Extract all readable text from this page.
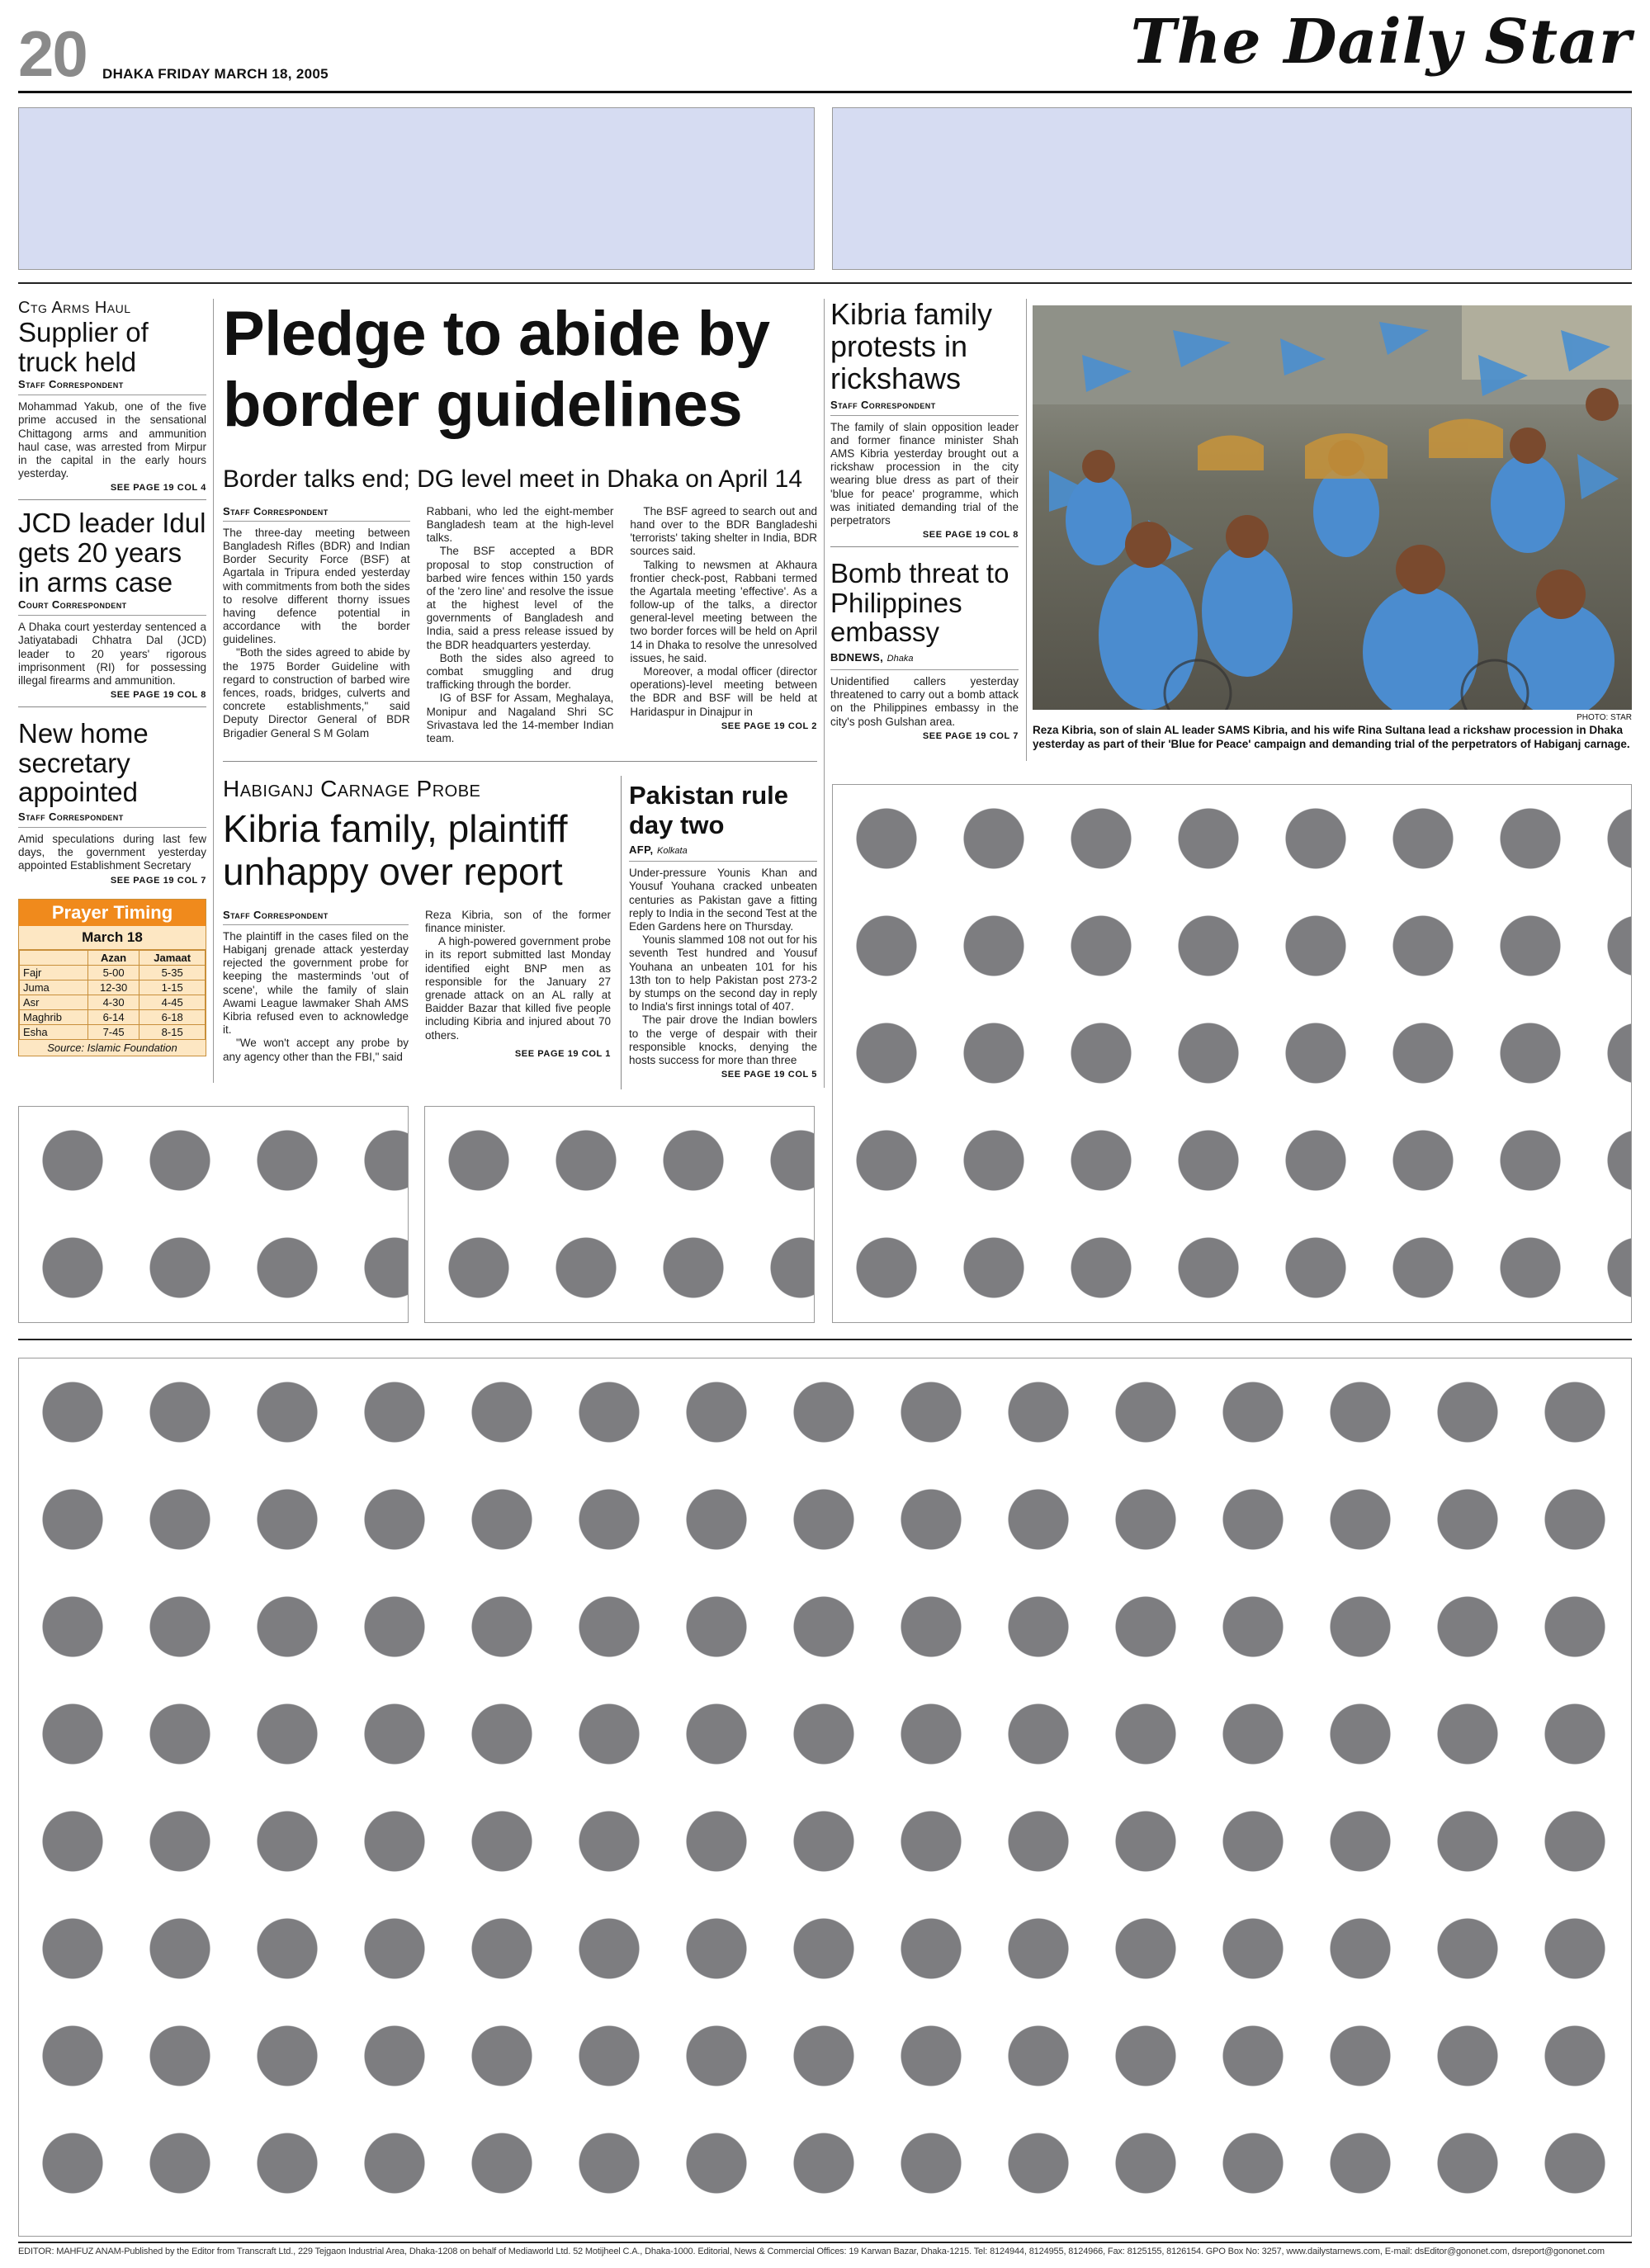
20 DHAKA FRIDAY MARCH 18, 2005	The Daily Star
Ctg Arms Haul
Supplier of truck held
Staff Correspondent
Mohammad Yakub, one of the five prime accused in the sensational Chittagong arms and ammunition haul case, was arrested from Mirpur in the capital in the early hours yesterday.
SEE PAGE 19 COL 4
JCD leader Idul gets 20 years in arms case
Court Correspondent
A Dhaka court yesterday sentenced a Jatiyatabadi Chhatra Dal (JCD) leader to 20 years' rigorous imprisonment (RI) for possessing illegal firearms and ammunition.
SEE PAGE 19 COL 8
New home secretary appointed
Staff Correspondent
Amid speculations during last few days, the government yesterday appointed Establishment Secretary
SEE PAGE 19 COL 7
Prayer Timing
March 18
	Azan	Jamaat
Fajr	5-00	5-35
Juma	12-30	1-15
Asr	4-30	4-45
Maghrib	6-14	6-18
Esha	7-45	8-15
Source: Islamic Foundation
Pledge to abide by border guidelines
Border talks end; DG level meet in Dhaka on April 14
Staff Correspondent
The three-day meeting between Bangladesh Rifles (BDR) and Indian Border Security Force (BSF) at Agartala in Tripura ended yesterday with commitments from both the sides to resolve different thorny issues having defence potential in accordance with the border guidelines.
"Both the sides agreed to abide by the 1975 Border Guideline with regard to construction of barbed wire fences, roads, bridges, culverts and concrete establishments," said Deputy Director General of BDR Brigadier General S M Golam
Rabbani, who led the eight-member Bangladesh team at the high-level talks.
The BSF accepted a BDR proposal to stop construction of barbed wire fences within 150 yards of the 'zero line' and resolve the issue at the highest level of the governments of Bangladesh and India, said a press release issued by the BDR headquarters yesterday.
Both the sides also agreed to combat smuggling and drug trafficking through the border.
IG of BSF for Assam, Meghalaya, Monipur and Nagaland Shri SC Srivastava led the 14-member Indian team.
The BSF agreed to search out and hand over to the BDR Bangladeshi 'terrorists' taking shelter in India, BDR sources said.
Talking to newsmen at Akhaura frontier check-post, Rabbani termed the Agartala meeting 'effective'. As a follow-up of the talks, a director general-level meeting between the two border forces will be held on April 14 in Dhaka to resolve the unresolved issues, he said.
Moreover, a modal officer (director operations)-level meeting between the BDR and BSF will be held at Haridaspur in Dinajpur in
SEE PAGE 19 COL 2
Habiganj Carnage Probe
Kibria family, plaintiff unhappy over report
Staff Correspondent
The plaintiff in the cases filed on the Habiganj grenade attack yesterday rejected the government probe for keeping the masterminds 'out of scene', while the family of slain Awami League lawmaker Shah AMS Kibria refused even to acknowledge it.
"We won't accept any probe by any agency other than the FBI," said
Reza Kibria, son of the former finance minister.
A high-powered government probe in its report submitted last Monday identified eight BNP men as responsible for the January 27 grenade attack on an AL rally at Baidder Bazar that killed five people including Kibria and injured about 70 others.
SEE PAGE 19 COL 1
Pakistan rule day two
AFP, Kolkata
Under-pressure Younis Khan and Yousuf Youhana cracked unbeaten centuries as Pakistan gave a fitting reply to India in the second Test at the Eden Gardens here on Thursday.
Younis slammed 108 not out for his seventh Test hundred and Yousuf Youhana an unbeaten 101 for his 13th ton to help Pakistan post 273-2 by stumps on the second day in reply to India's first innings total of 407.
The pair drove the Indian bowlers to the verge of despair with their responsible knocks, denying the hosts success for more than three
SEE PAGE 19 COL 5
Kibria family protests in rickshaws
Staff Correspondent
The family of slain opposition leader and former finance minister Shah AMS Kibria yesterday brought out a rickshaw procession in the city wearing blue dress as part of their 'blue for peace' programme, which was initiated demanding trial of the perpetrators
SEE PAGE 19 COL 8
Bomb threat to Philippines embassy
BDNEWS, Dhaka
Unidentified callers yesterday threatened to carry out a bomb attack on the Philippines embassy in the city's posh Gulshan area.
SEE PAGE 19 COL 7
PHOTO: STAR
Reza Kibria, son of slain AL leader SAMS Kibria, and his wife Rina Sultana lead a rickshaw procession in Dhaka yesterday as part of their 'Blue for Peace' campaign and demanding trial of the perpetrators of Habiganj carnage.
EDITOR: MAHFUZ ANAM-Published by the Editor from Transcraft Ltd., 229 Tejgaon Industrial Area, Dhaka-1208 on behalf of Mediaworld Ltd. 52 Motijheel C.A., Dhaka-1000. Editorial, News & Commercial Offices: 19 Karwan Bazar, Dhaka-1215. Tel: 8124944, 8124955, 8124966, Fax: 8125155, 8126154. GPO Box No: 3257, www.dailystarnews.com, E-mail: dsEditor@gononet.com, dsreport@gononet.com
